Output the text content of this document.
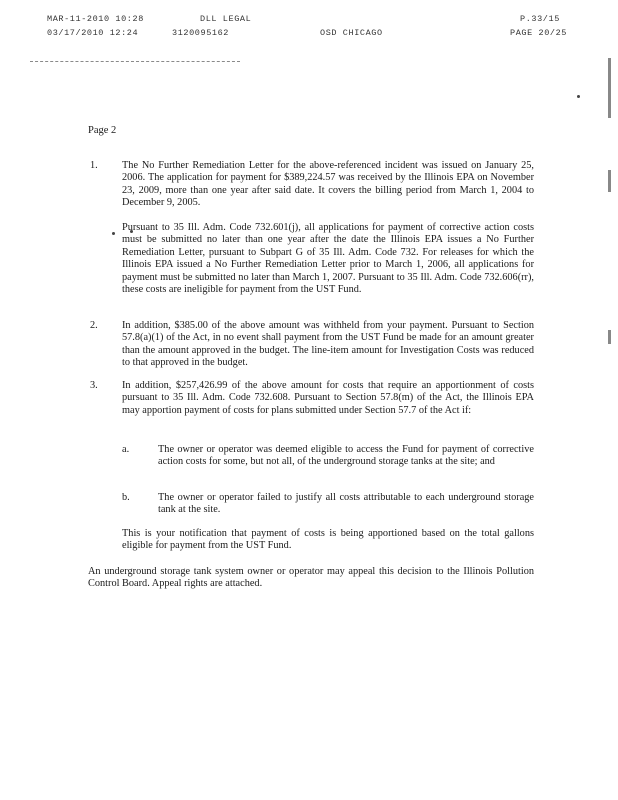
MAR-11-2010 10:28	DLL LEGAL	P.33/15
03/17/2010 12:24	3120095162	OSD CHICAGO	PAGE 20/25
Page 2
1. The No Further Remediation Letter for the above-referenced incident was issued on January 25, 2006. The application for payment for $389,224.57 was received by the Illinois EPA on November 23, 2009, more than one year after said date. It covers the billing period from March 1, 2004 to December 9, 2005.
Pursuant to 35 Ill. Adm. Code 732.601(j), all applications for payment of corrective action costs must be submitted no later than one year after the date the Illinois EPA issues a No Further Remediation Letter, pursuant to Subpart G of 35 Ill. Adm. Code 732. For releases for which the Illinois EPA issued a No Further Remediation Letter prior to March 1, 2006, all applications for payment must be submitted no later than March 1, 2007. Pursuant to 35 Ill. Adm. Code 732.606(rr), these costs are ineligible for payment from the UST Fund.
2. In addition, $385.00 of the above amount was withheld from your payment. Pursuant to Section 57.8(a)(1) of the Act, in no event shall payment from the UST Fund be made for an amount greater than the amount approved in the budget. The line-item amount for Investigation Costs was reduced to that approved in the budget.
3. In addition, $257,426.99 of the above amount for costs that require an apportionment of costs pursuant to 35 Ill. Adm. Code 732.608. Pursuant to Section 57.8(m) of the Act, the Illinois EPA may apportion payment of costs for plans submitted under Section 57.7 of the Act if:
a.	The owner or operator was deemed eligible to access the Fund for payment of corrective action costs for some, but not all, of the underground storage tanks at the site; and
b.	The owner or operator failed to justify all costs attributable to each underground storage tank at the site.
This is your notification that payment of costs is being apportioned based on the total gallons eligible for payment from the UST Fund.
An underground storage tank system owner or operator may appeal this decision to the Illinois Pollution Control Board. Appeal rights are attached.
